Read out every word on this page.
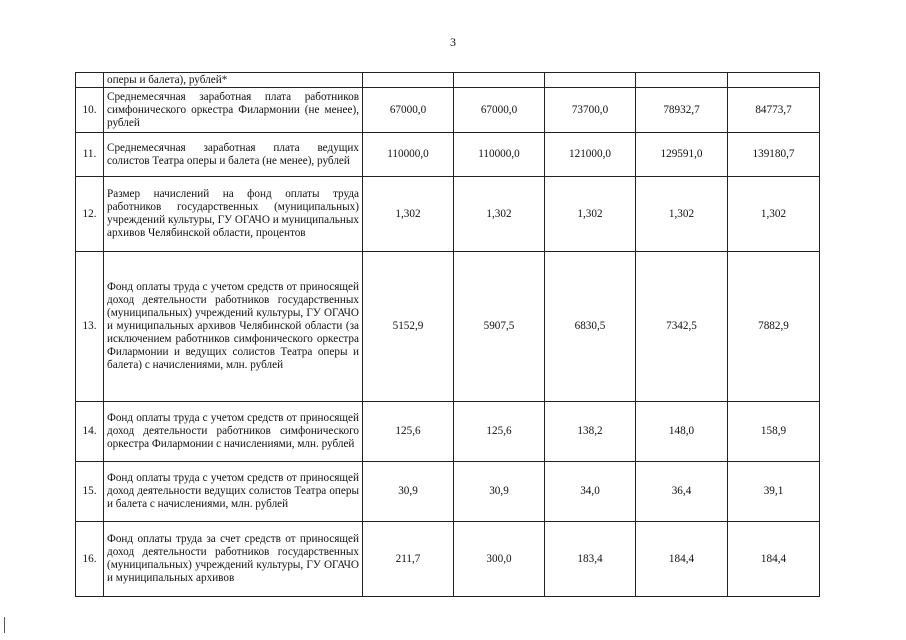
3
	оперы и балета), рублей*					
10.	Среднемесячная заработная плата работников симфонического оркестра Филармонии (не менее), рублей	67000,0	67000,0	73700,0	78932,7	84773,7
11.	Среднемесячная заработная плата ведущих солистов Театра оперы и балета (не менее), рублей	110000,0	110000,0	121000,0	129591,0	139180,7
12.	Размер начислений на фонд оплаты труда работников государственных (муниципальных) учреждений культуры, ГУ ОГАЧО и муниципальных архивов Челябинской области, процентов	1,302	1,302	1,302	1,302	1,302
13.	Фонд оплаты труда с учетом средств от приносящей доход деятельности работников государственных (муниципальных) учреждений культуры, ГУ ОГАЧО и муниципальных архивов Челябинской области (за исключением работников симфонического оркестра Филармонии и ведущих солистов Театра оперы и балета) с начислениями, млн. рублей	5152,9	5907,5	6830,5	7342,5	7882,9
14.	Фонд оплаты труда с учетом средств от приносящей доход деятельности работников симфонического оркестра Филармонии с начислениями, млн. рублей	125,6	125,6	138,2	148,0	158,9
15.	Фонд оплаты труда с учетом средств от приносящей доход деятельности ведущих солистов Театра оперы и балета с начислениями, млн. рублей	30,9	30,9	34,0	36,4	39,1
16.	Фонд оплаты труда за счет средств от приносящей доход деятельности работников государственных (муниципальных) учреждений культуры, ГУ ОГАЧО и муниципальных архивов	211,7	300,0	183,4	184,4	184,4
